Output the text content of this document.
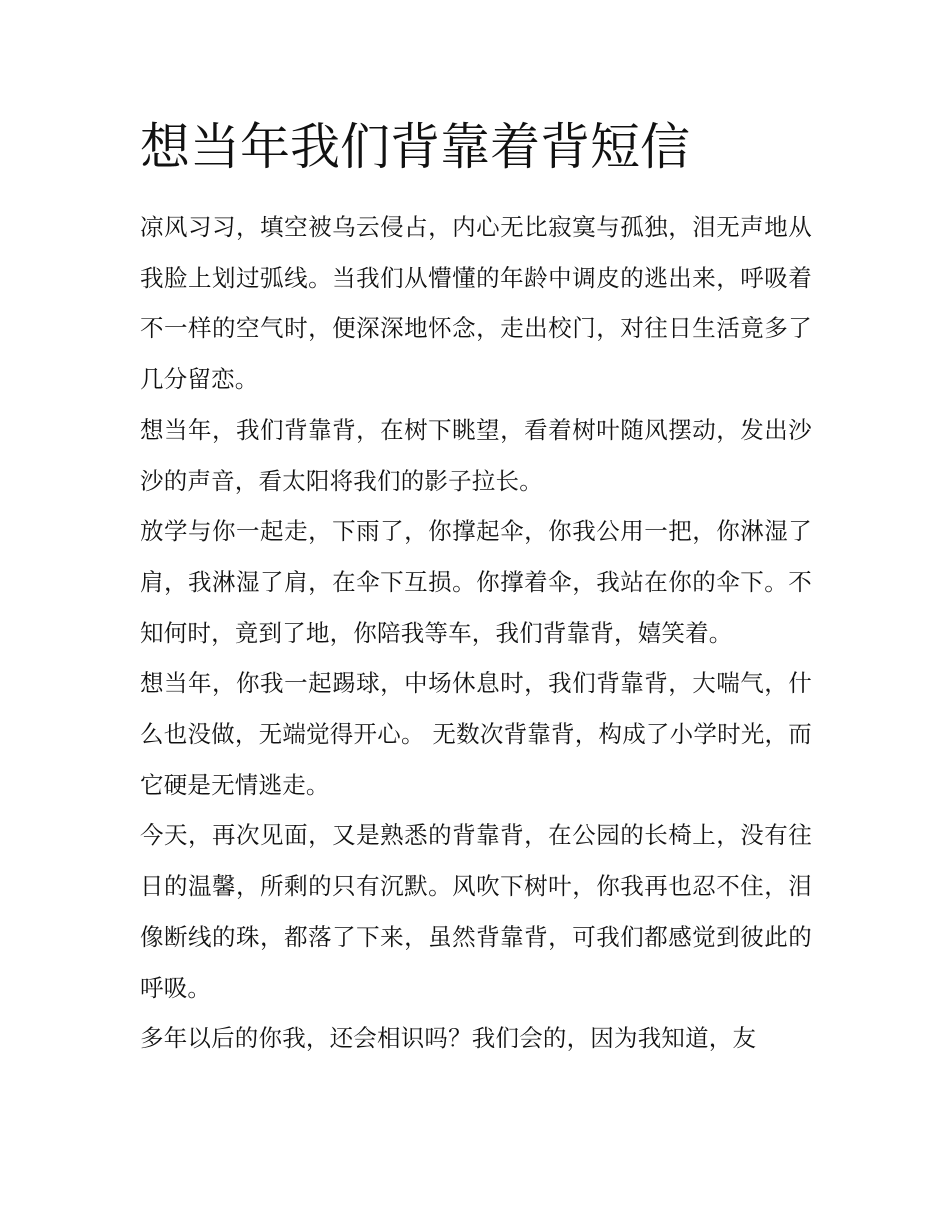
想当年我们背靠着背短信

凉风习习，填空被乌云侵占，内心无比寂寞与孤独，泪无声地从我脸上划过弧线。当我们从懵懂的年龄中调皮的逃出来，呼吸着不一样的空气时，便深深地怀念，走出校门，对往日生活竟多了几分留恋。

想当年，我们背靠背，在树下眺望，看着树叶随风摆动，发出沙沙的声音，看太阳将我们的影子拉长。

放学与你一起走，下雨了，你撑起伞，你我公用一把，你淋湿了肩，我淋湿了肩，在伞下互损。你撑着伞，我站在你的伞下。不知何时，竟到了地，你陪我等车，我们背靠背，嬉笑着。

想当年，你我一起踢球，中场休息时，我们背靠背，大喘气，什么也没做，无端觉得开心。 无数次背靠背，构成了小学时光，而它硬是无情逃走。

今天，再次见面，又是熟悉的背靠背，在公园的长椅上，没有往日的温馨，所剩的只有沉默。风吹下树叶，你我再也忍不住，泪像断线的珠，都落了下来，虽然背靠背，可我们都感觉到彼此的呼吸。

多年以后的你我，还会相识吗？我们会的，因为我知道，友
